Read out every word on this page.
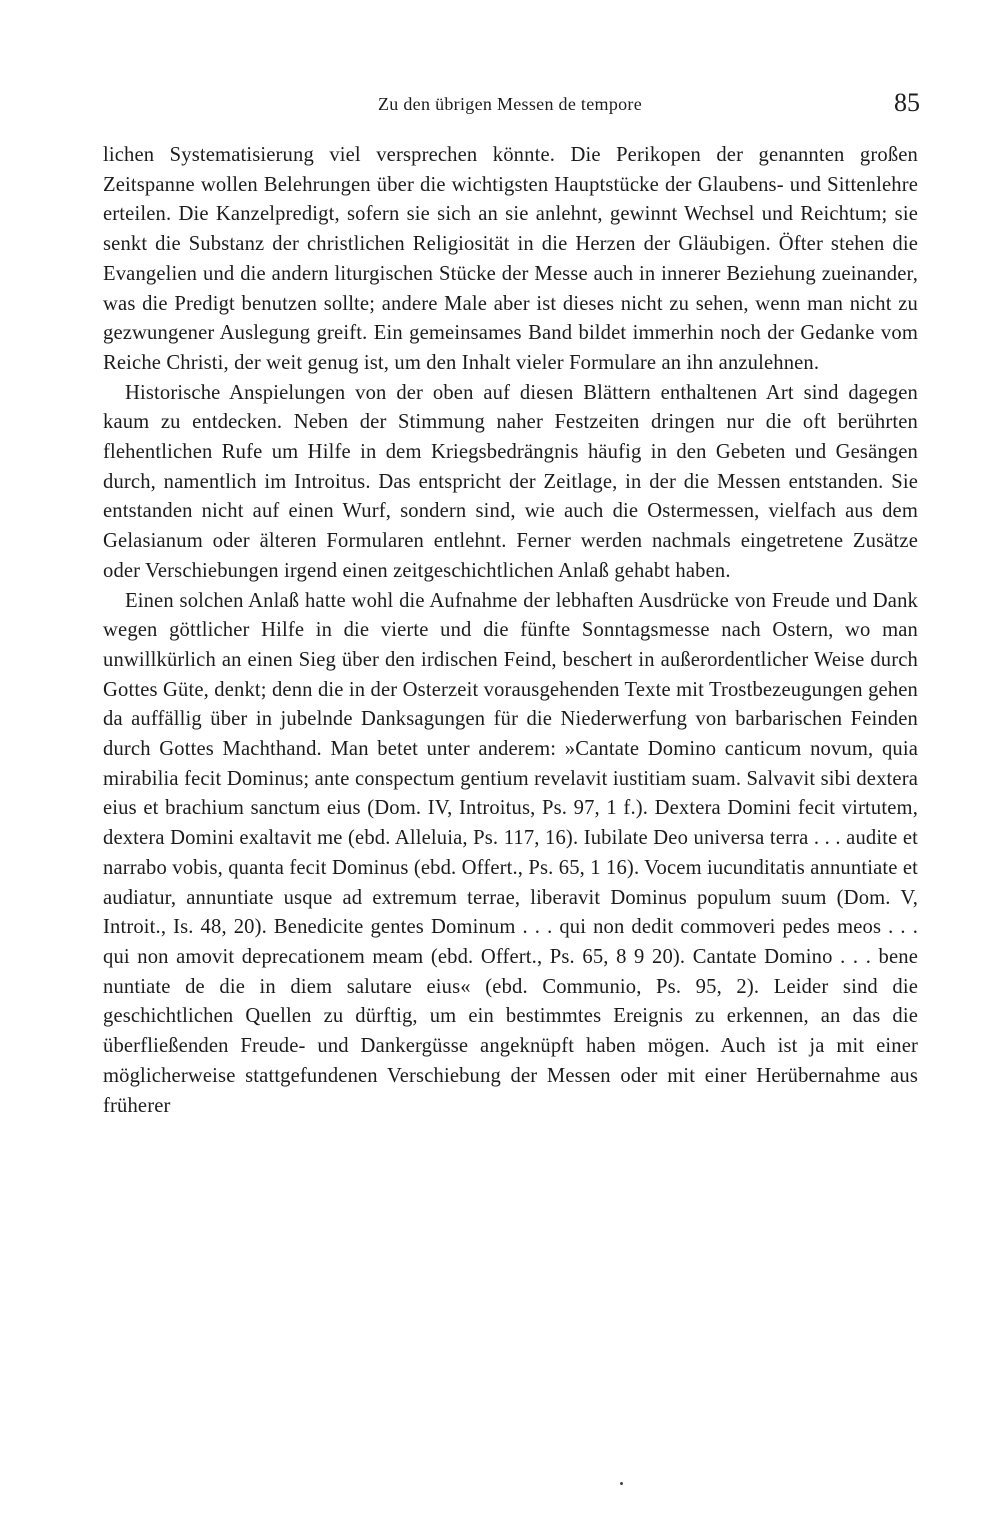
Zu den übrigen Messen de tempore	85

lichen Systematisierung viel versprechen könnte. Die Perikopen der genannten großen Zeitspanne wollen Belehrungen über die wichtigsten Hauptstücke der Glaubens- und Sittenlehre erteilen. Die Kanzelpredigt, sofern sie sich an sie anlehnt, gewinnt Wechsel und Reichtum; sie senkt die Substanz der christlichen Religiosität in die Herzen der Gläubigen. Öfter stehen die Evangelien und die andern liturgischen Stücke der Messe auch in innerer Beziehung zueinander, was die Predigt benutzen sollte; andere Male aber ist dieses nicht zu sehen, wenn man nicht zu gezwungener Auslegung greift. Ein gemeinsames Band bildet immerhin noch der Gedanke vom Reiche Christi, der weit genug ist, um den Inhalt vieler Formulare an ihn anzulehnen.

Historische Anspielungen von der oben auf diesen Blättern enthaltenen Art sind dagegen kaum zu entdecken. Neben der Stimmung naher Festzeiten dringen nur die oft berührten flehentlichen Rufe um Hilfe in dem Kriegsbedrängnis häufig in den Gebeten und Gesängen durch, namentlich im Introitus. Das entspricht der Zeitlage, in der die Messen entstanden. Sie entstanden nicht auf einen Wurf, sondern sind, wie auch die Ostermessen, vielfach aus dem Gelasianum oder älteren Formularen entlehnt. Ferner werden nachmals eingetretene Zusätze oder Verschiebungen irgend einen zeitgeschichtlichen Anlaß gehabt haben.

Einen solchen Anlaß hatte wohl die Aufnahme der lebhaften Ausdrücke von Freude und Dank wegen göttlicher Hilfe in die vierte und die fünfte Sonntagsmesse nach Ostern, wo man unwillkürlich an einen Sieg über den irdischen Feind, beschert in außerordentlicher Weise durch Gottes Güte, denkt; denn die in der Osterzeit vorausgehenden Texte mit Trostbezeugungen gehen da auffällig über in jubelnde Danksagungen für die Niederwerfung von barbarischen Feinden durch Gottes Machthand. Man betet unter anderem: »Cantate Domino canticum novum, quia mirabilia fecit Dominus; ante conspectum gentium revelavit iustitiam suam. Salvavit sibi dextera eius et brachium sanctum eius (Dom. IV, Introitus, Ps. 97, 1 f.). Dextera Domini fecit virtutem, dextera Domini exaltavit me (ebd. Alleluia, Ps. 117, 16). Iubilate Deo universa terra . . . audite et narrabo vobis, quanta fecit Dominus (ebd. Offert., Ps. 65, 1 16). Vocem iucunditatis annuntiate et audiatur, annuntiate usque ad extremum terrae, liberavit Dominus populum suum (Dom. V, Introit., Is. 48, 20). Benedicite gentes Dominum . . . qui non dedit commoveri pedes meos . . . qui non amovit deprecationem meam (ebd. Offert., Ps. 65, 8 9 20). Cantate Domino . . . bene nuntiate de die in diem salutare eius« (ebd. Communio, Ps. 95, 2). Leider sind die geschichtlichen Quellen zu dürftig, um ein bestimmtes Ereignis zu erkennen, an das die überfließenden Freude- und Dankergüsse angeknüpft haben mögen. Auch ist ja mit einer möglicherweise stattgefundenen Verschiebung der Messen oder mit einer Herübernahme aus früherer
